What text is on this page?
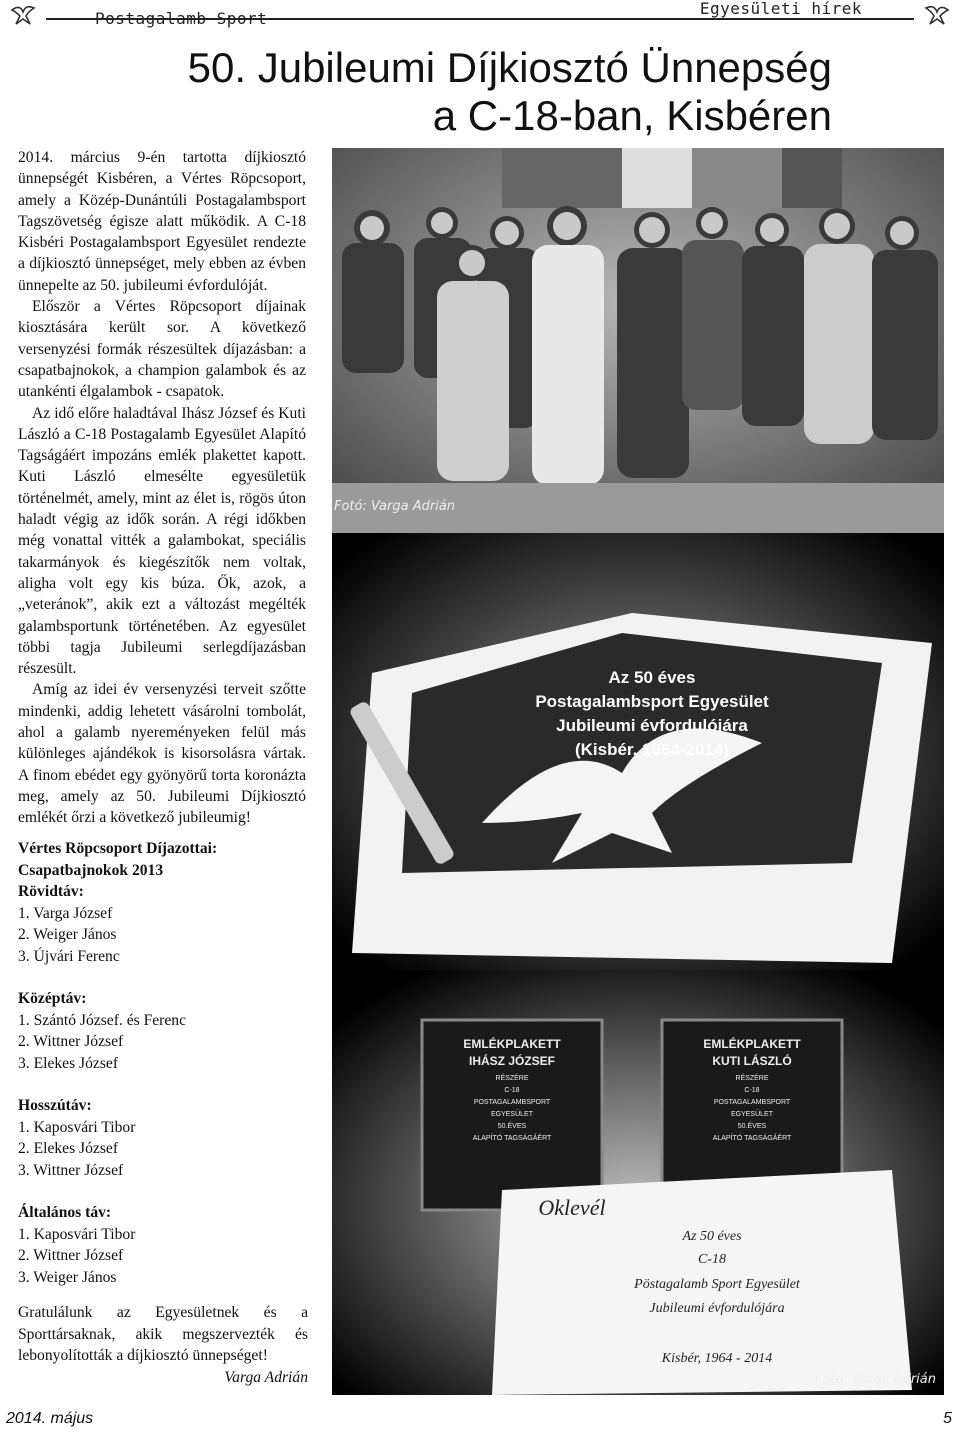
Postagalamb Sport
Egyesületi hírek
50. Jubileumi Díjkiosztó Ünnepség
a C-18-ban, Kisbéren

2014. március 9-én tartotta díjkiosztó ünnepségét Kisbéren, a Vértes Röpcsoport, amely a Közép-Dunántúli Postagalambsport Tagszövetség égisze alatt működik. A C-18 Kisbéri Postagalambsport Egyesület rendezte a díjkiosztó ünnepséget, mely ebben az évben ünnepelte az 50. jubileumi évfordulóját.

Először a Vértes Röpcsoport díjainak kiosztására került sor. A következő versenyzési formák részesültek díjazásban: a csapatbajnokok, a champion galambok és az utankénti élgalambok - csapatok.

Az idő előre haladtával Ihász József és Kuti László a C-18 Postagalamb Egyesület Alapító Tagságáért impozáns emlék plakettet kapott. Kuti László elmesélte egyesületük történelmét, amely, mint az élet is, rögös úton haladt végig az idők során. A régi időkben még vonattal vitték a galambokat, speciális takarmányok és kiegészítők nem voltak, aligha volt egy kis búza. Ők, azok, a „veteránok”, akik ezt a változást megélték galambsportunk történetében. Az egyesület többi tagja Jubileumi serlegdíjazásban részesült.

Amíg az idei év versenyzési terveit szőtte mindenki, addig lehetett vásárolni tombolát, ahol a galamb nyereményeken felül más különleges ajándékok is kisorsolásra vártak. A finom ebédet egy gyönyörű torta koronázta meg, amely az 50. Jubileumi Díjkiosztó emlékét őrzi a következő jubileumig!

Vértes Röpcsoport Díjazottai:
Csapatbajnokok 2013
Rövidtáv:
1. Varga József
2. Weiger János
3. Újvári Ferenc
Középtáv:
1. Szántó József. és Ferenc
2. Wittner József
3. Elekes József
Hosszútáv:
1. Kaposvári Tibor
2. Elekes József
3. Wittner József
Általános táv:
1. Kaposvári Tibor
2. Wittner József
3. Weiger János
Gratulálunk az Egyesületnek és a Sporttársaknak, akik megszervezték és lebonyolították a díjkiosztó ünnepséget!
Varga Adrián
Fotó: Varga Adrián
Az 50 éves
Postagalambsport Egyesület
Jubileumi évfordulójára
(Kisbér, 1964-2014)
EMLÉKPLAKETT
IHÁSZ JÓZSEF
RÉSZÉRE
C-18
POSTAGALAMBSPORT
EGYESÜLET
50.ÉVES
ALAPÍTÓ TAGSÁGÁÉRT
EMLÉKPLAKETT
KUTI LÁSZLÓ
RÉSZÉRE
C-18
POSTAGALAMBSPORT
EGYESÜLET
50.ÉVES
ALAPÍTÓ TAGSÁGÁÉRT
Oklevél
Az 50 éves
C-18
Pöstagalamb Sport Egyesület
Jubileumi évfordulójára
Kisbér, 1964 - 2014
Fotó: Varga Adrián
2014. május	5
